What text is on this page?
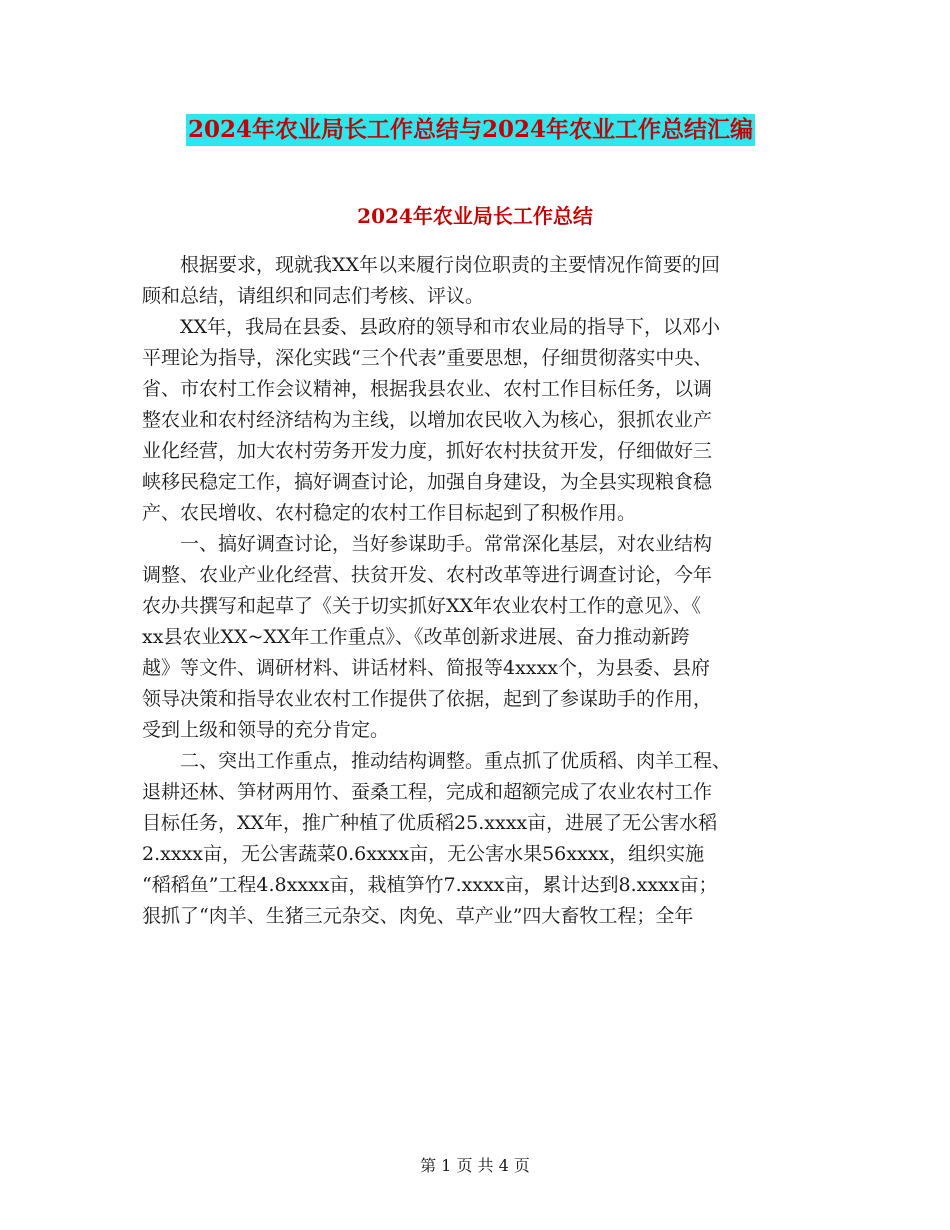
2024年农业局长工作总结与2024年农业工作总结汇编
2024年农业局长工作总结

　　根据要求，现就我XX年以来履行岗位职责的主要情况作简要的回
顾和总结，请组织和同志们考核、评议。

　　XX年，我局在县委、县政府的领导和市农业局的指导下，以邓小
平理论为指导，深化实践“三个代表”重要思想，仔细贯彻落实中央、
省、市农村工作会议精神，根据我县农业、农村工作目标任务，以调
整农业和农村经济结构为主线，以增加农民收入为核心，狠抓农业产
业化经营，加大农村劳务开发力度，抓好农村扶贫开发，仔细做好三
峡移民稳定工作，搞好调查讨论，加强自身建设，为全县实现粮食稳
产、农民增收、农村稳定的农村工作目标起到了积极作用。

　　一、搞好调查讨论，当好参谋助手。常常深化基层，对农业结构
调整、农业产业化经营、扶贫开发、农村改革等进行调查讨论，今年
农办共撰写和起草了《关于切实抓好XX年农业农村工作的意见》、《
xx县农业XX~XX年工作重点》、《改革创新求进展、奋力推动新跨
越》等文件、调研材料、讲话材料、简报等4xxxx个，为县委、县府
领导决策和指导农业农村工作提供了依据，起到了参谋助手的作用，
受到上级和领导的充分肯定。

　　二、突出工作重点，推动结构调整。重点抓了优质稻、肉羊工程、
退耕还林、笋材两用竹、蚕桑工程，完成和超额完成了农业农村工作
目标任务，XX年，推广种植了优质稻25.xxxx亩，进展了无公害水稻
2.xxxx亩，无公害蔬菜0.6xxxx亩，无公害水果56xxxx，组织实施
“稻稻鱼”工程4.8xxxx亩，栽植笋竹7.xxxx亩，累计达到8.xxxx亩；
狠抓了“肉羊、生猪三元杂交、肉免、草产业”四大畜牧工程；全年

第 1 页 共 4 页
